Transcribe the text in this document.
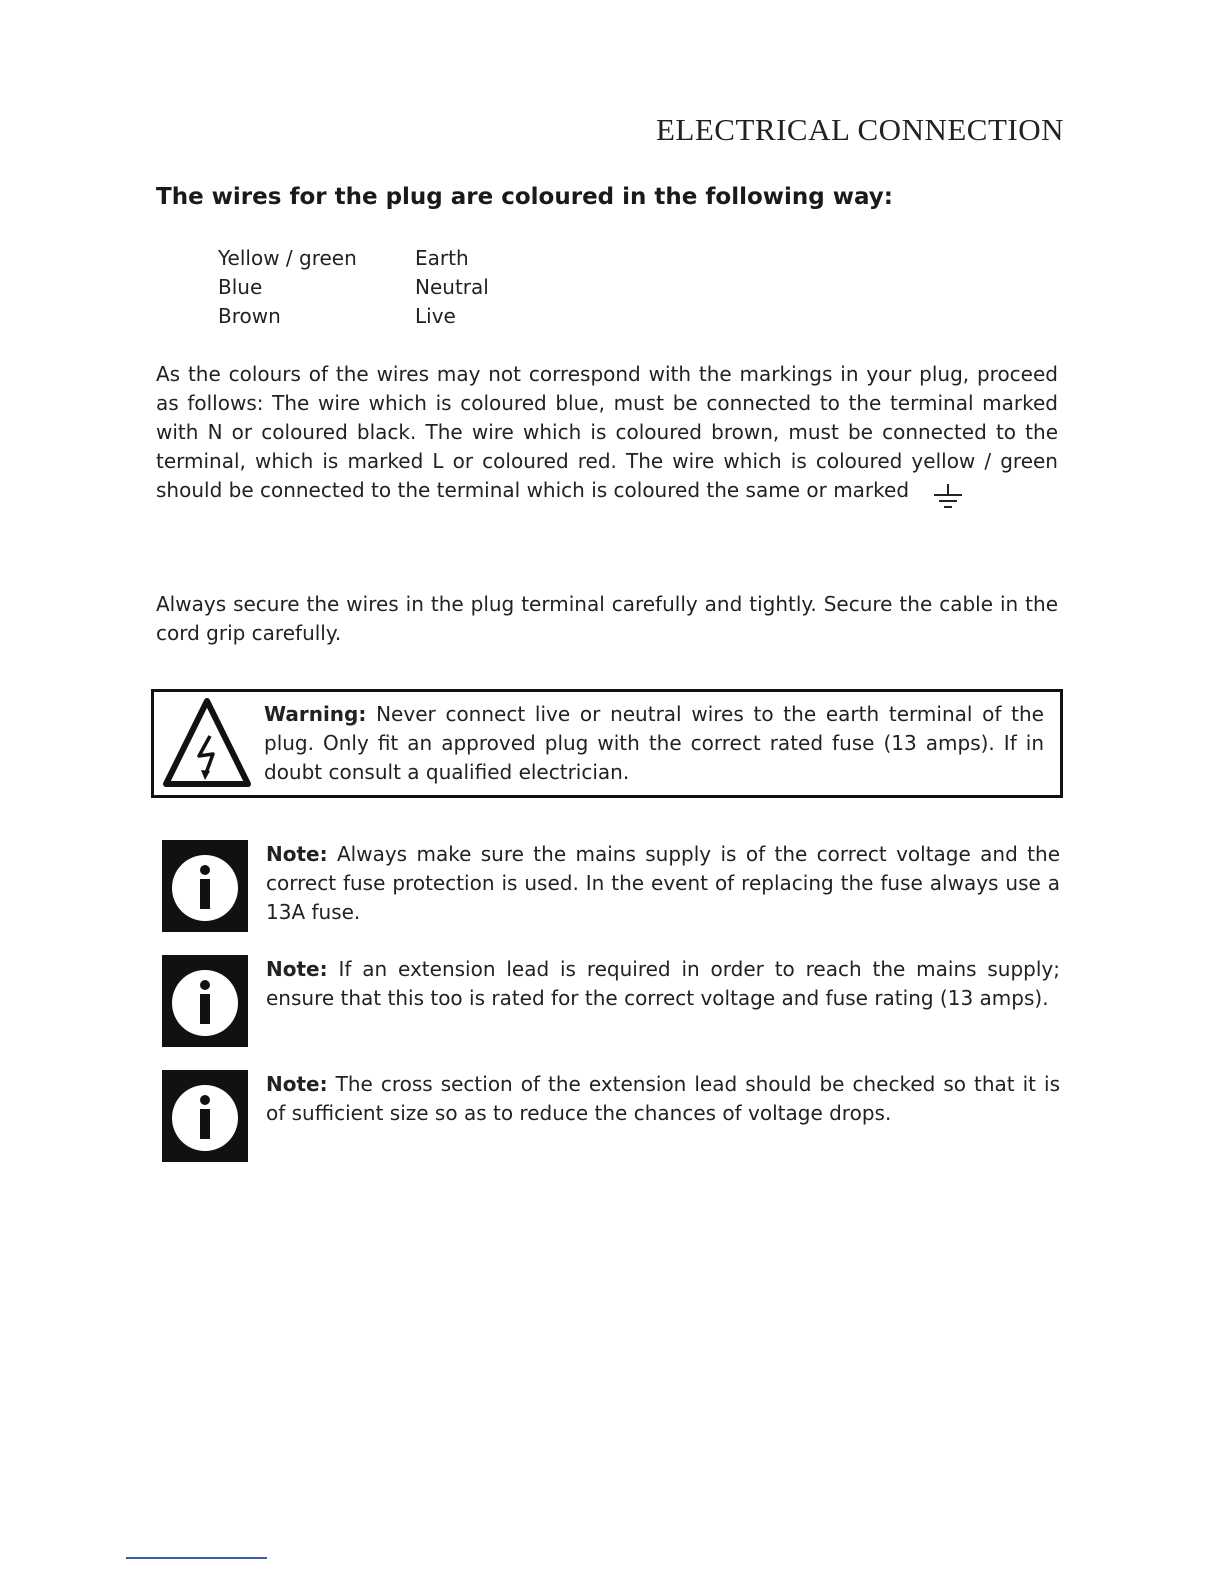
ELECTRICAL CONNECTION
The wires for the plug are coloured in the following way:
Yellow / green	Earth
Blue	Neutral
Brown	Live

As the colours of the wires may not correspond with the markings in your plug, proceed as follows: The wire which is coloured blue, must be connected to the terminal marked with N or coloured black. The wire which is coloured brown, must be connected to the terminal, which is marked L or coloured red. The wire which is coloured yellow / green should be connected to the terminal which is coloured the same or marked

Always secure the wires in the plug terminal carefully and tightly. Secure the cable in the cord grip carefully.

Warning: Never connect live or neutral wires to the earth terminal of the plug. Only fit an approved plug with the correct rated fuse (13 amps). If in doubt consult a qualified electrician.
Note: Always make sure the mains supply is of the correct voltage and the correct fuse protection is used. In the event of replacing the fuse always use a 13A fuse.
Note: If an extension lead is required in order to reach the mains supply; ensure that this too is rated for the correct voltage and fuse rating (13 amps).
Note: The cross section of the extension lead should be checked so that it is of sufficient size so as to reduce the chances of voltage drops.
